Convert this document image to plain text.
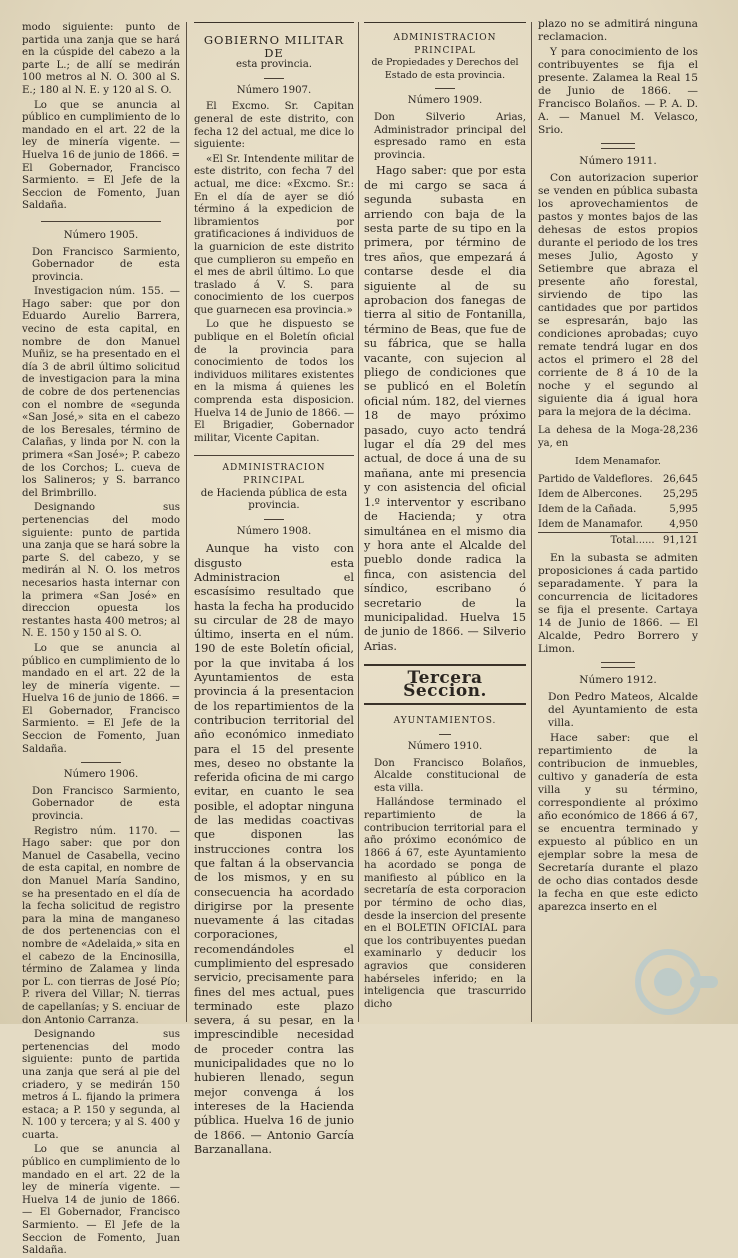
modo siguiente: punto de partida una zanja que se hará en la cúspide del cabezo a la parte L.; de allí se medirán 100 metros al N. O. 300 al S. E.; 180 al N. E. y 120 al S. O.

Lo que se anuncia al público en cumplimiento de lo mandado en el art. 22 de la ley de minería vigente. —Huelva 16 de junio de 1866. = El Gobernador, Francisco Sarmiento. = El Jefe de la Seccion de Fomento, Juan Saldaña.

Número 1905.

Don Francisco Sarmiento, Gobernador de esta provincia.

Investigacion núm. 155. — Hago saber: que por don Eduardo Aurelio Barrera, vecino de esta capital, en nombre de don Manuel Muñiz, se ha presentado en el día 3 de abril último solicitud de investigacion para la mina de cobre de dos pertenencias con el nombre de «segunda «San José,» sita en el cabezo de los Beresales, término de Calañas, y linda por N. con la primera «San José»; P. cabezo de los Corchos; L. cueva de los Salineros; y S. barranco del Brimbrillo.

Designando sus pertenencias del modo siguiente: punto de partida una zanja que se hará sobre la parte S. del cabezo, y se medirán al N. O. los metros necesarios hasta internar con la primera «San José» en direccion opuesta los restantes hasta 400 metros; al N. E. 150 y 150 al S. O.

Lo que se anuncia al público en cumplimiento de lo mandado en el art. 22 de la ley de minería vigente. —Huelva 16 de junio de 1866. = El Gobernador, Francisco Sarmiento. = El Jefe de la Seccion de Fomento, Juan Saldaña.

Número 1906.

Don Francisco Sarmiento, Gobernador de esta provincia.

Registro núm. 1170. — Hago saber: que por don Manuel de Casabella, vecino de esta capital, en nombre de don Manuel María Sandino, se ha presentado en el día de la fecha solicitud de registro para la mina de manganeso de dos pertenencias con el nombre de «Adelaida,» sita en el cabezo de la Encinosilla, término de Zalamea y linda por L. con tierras de José Pío; P. rivera del Villar; N. tierras de capellanías; y S. enciuar de don Antonio Carranza.

Designando sus pertenencias del modo siguiente: punto de partida una zanja que será al pie del criadero, y se medirán 150 metros á L. fijando la primera estaca; a P. 150 y segunda, al N. 100 y tercera; y al S. 400 y cuarta.

Lo que se anuncia al público en cumplimiento de lo mandado en el art. 22 de la ley de minería vigente. —Huelva 14 de junio de 1866. — El Gobernador, Francisco Sarmiento. — El Jefe de la Seccion de Fomento, Juan Saldaña.

GOBIERNO MILITAR DE

esta provincia.

Número 1907.

El Excmo. Sr. Capitan general de este distrito, con fecha 12 del actual, me dice lo siguiente:

«El Sr. Intendente militar de este distrito, con fecha 7 del actual, me dice: «Excmo. Sr.: En el día de ayer se dió término á la expedicion de libramientos por gratificaciones á individuos de la guarnicion de este distrito que cumplieron su empeño en el mes de abril último. Lo que traslado á V. S. para conocimiento de los cuerpos que guarnecen esa provincia.»

Lo que he dispuesto se publique en el Boletín oficial de la provincia para conocimiento de todos los individuos militares existentes en la misma á quienes les comprenda esta disposicion. Huelva 14 de Junio de 1866. — El Brigadier, Gobernador militar, Vicente Capitan.

ADMINISTRACION PRINCIPAL

de Hacienda pública de esta provincia.

Número 1908.

Aunque ha visto con disgusto esta Administracion el escasísimo resultado que hasta la fecha ha producido su circular de 28 de mayo último, inserta en el núm. 190 de este Boletín oficial, por la que invitaba á los Ayuntamientos de esta provincia á la presentacion de los repartimientos de la contribucion territorial del año económico inmediato para el 15 del presente mes, deseo no obstante la referida oficina de mi cargo evitar, en cuanto le sea posible, el adoptar ninguna de las medidas coactivas que disponen las instrucciones contra los que faltan á la observancia de los mismos, y en su consecuencia ha acordado dirigirse por la presente nuevamente á las citadas corporaciones, recomendándoles el cumplimiento del espresado servicio, precisamente para fines del mes actual, pues terminado este plazo severa, á su pesar, en la imprescindible necesidad de proceder contra las municipalidades que no lo hubieren llenado, segun mejor convenga á los intereses de la Hacienda pública. Huelva 16 de junio de 1866. — Antonio García Barzanallana.

ADMINISTRACION PRINCIPAL

de Propiedades y Derechos del Estado de esta provincia.

Número 1909.

Don Silverio Arias, Administrador principal del espresado ramo en esta provincia.

Hago saber: que por esta de mi cargo se saca á segunda subasta en arriendo con baja de la sesta parte de su tipo en la primera, por término de tres años, que empezará á contarse desde el dia siguiente al de su aprobacion dos fanegas de tierra al sitio de Fontanilla, término de Beas, que fue de su fábrica, que se halla vacante, con sujecion al pliego de condiciones que se publicó en el Boletín oficial núm. 182, del viernes 18 de mayo próximo pasado, cuyo acto tendrá lugar el día 29 del mes actual, de doce á una de su mañana, ante mi presencia y con asistencia del oficial 1.º interventor y escribano de Hacienda; y otra simultánea en el mismo dia y hora ante el Alcalde del pueblo donde radica la finca, con asistencia del síndico, escribano ó secretario de la municipalidad. Huelva 15 de junio de 1866. — Silverio Arias.

Tercera Seccion.

AYUNTAMIENTOS.

Número 1910.

Don Francisco Bolaños, Alcalde constitucional de esta villa.

Hallándose terminado el repartimiento de la contribucion territorial para el año próximo económico de 1866 á 67, este Ayuntamiento ha acordado se ponga de manifiesto al público en la secretaría de esta corporacion por término de ocho dias, desde la insercion del presente en el BOLETIN OFICIAL para que los contribuyentes puedan examinarlo y deducir los agravios que consideren habérseles inferido; en la inteligencia que trascurrido dicho

plazo no se admitirá ninguna reclamacion.

Y para conocimiento de los contribuyentes se fija el presente. Zalamea la Real 15 de Junio de 1866. — Francisco Bolaños. — P. A. D. A. — Manuel M. Velasco, Srio.

Número 1911.

Con autorizacion superior se venden en pública subasta los aprovechamientos de pastos y montes bajos de las dehesas de estos propios durante el periodo de los tres meses Julio, Agosto y Setiembre que abraza el presente año forestal, sirviendo de tipo las cantidades que por partidos se espresarán, bajo las condiciones aprobadas; cuyo remate tendrá lugar en dos actos el primero el 28 del corriente de 8 á 10 de la noche y el segundo al siguiente dia á igual hora para la mejora de la décima.

La dehesa de la Moga-ya, en	28,236

Idem Menamafor.

Partido de Valdeflores.	26,645
Idem de Albercones.	25,295
Idem de la Cañada.	5,995
Idem de Manamafor.	4,950
Total......	91,121

En la subasta se admiten proposiciones á cada partido separadamente. Y para la concurrencia de licitadores se fija el presente. Cartaya 14 de Junio de 1866. — El Alcalde, Pedro Borrero y Limon.

Número 1912.

Don Pedro Mateos, Alcalde del Ayuntamiento de esta villa.

Hace saber: que el repartimiento de la contribucion de inmuebles, cultivo y ganadería de esta villa y su término, correspondiente al próximo año económico de 1866 á 67, se encuentra terminado y expuesto al público en un ejemplar sobre la mesa de Secretaría durante el plazo de ocho dias contados desde la fecha en que este edicto aparezca inserto en el
